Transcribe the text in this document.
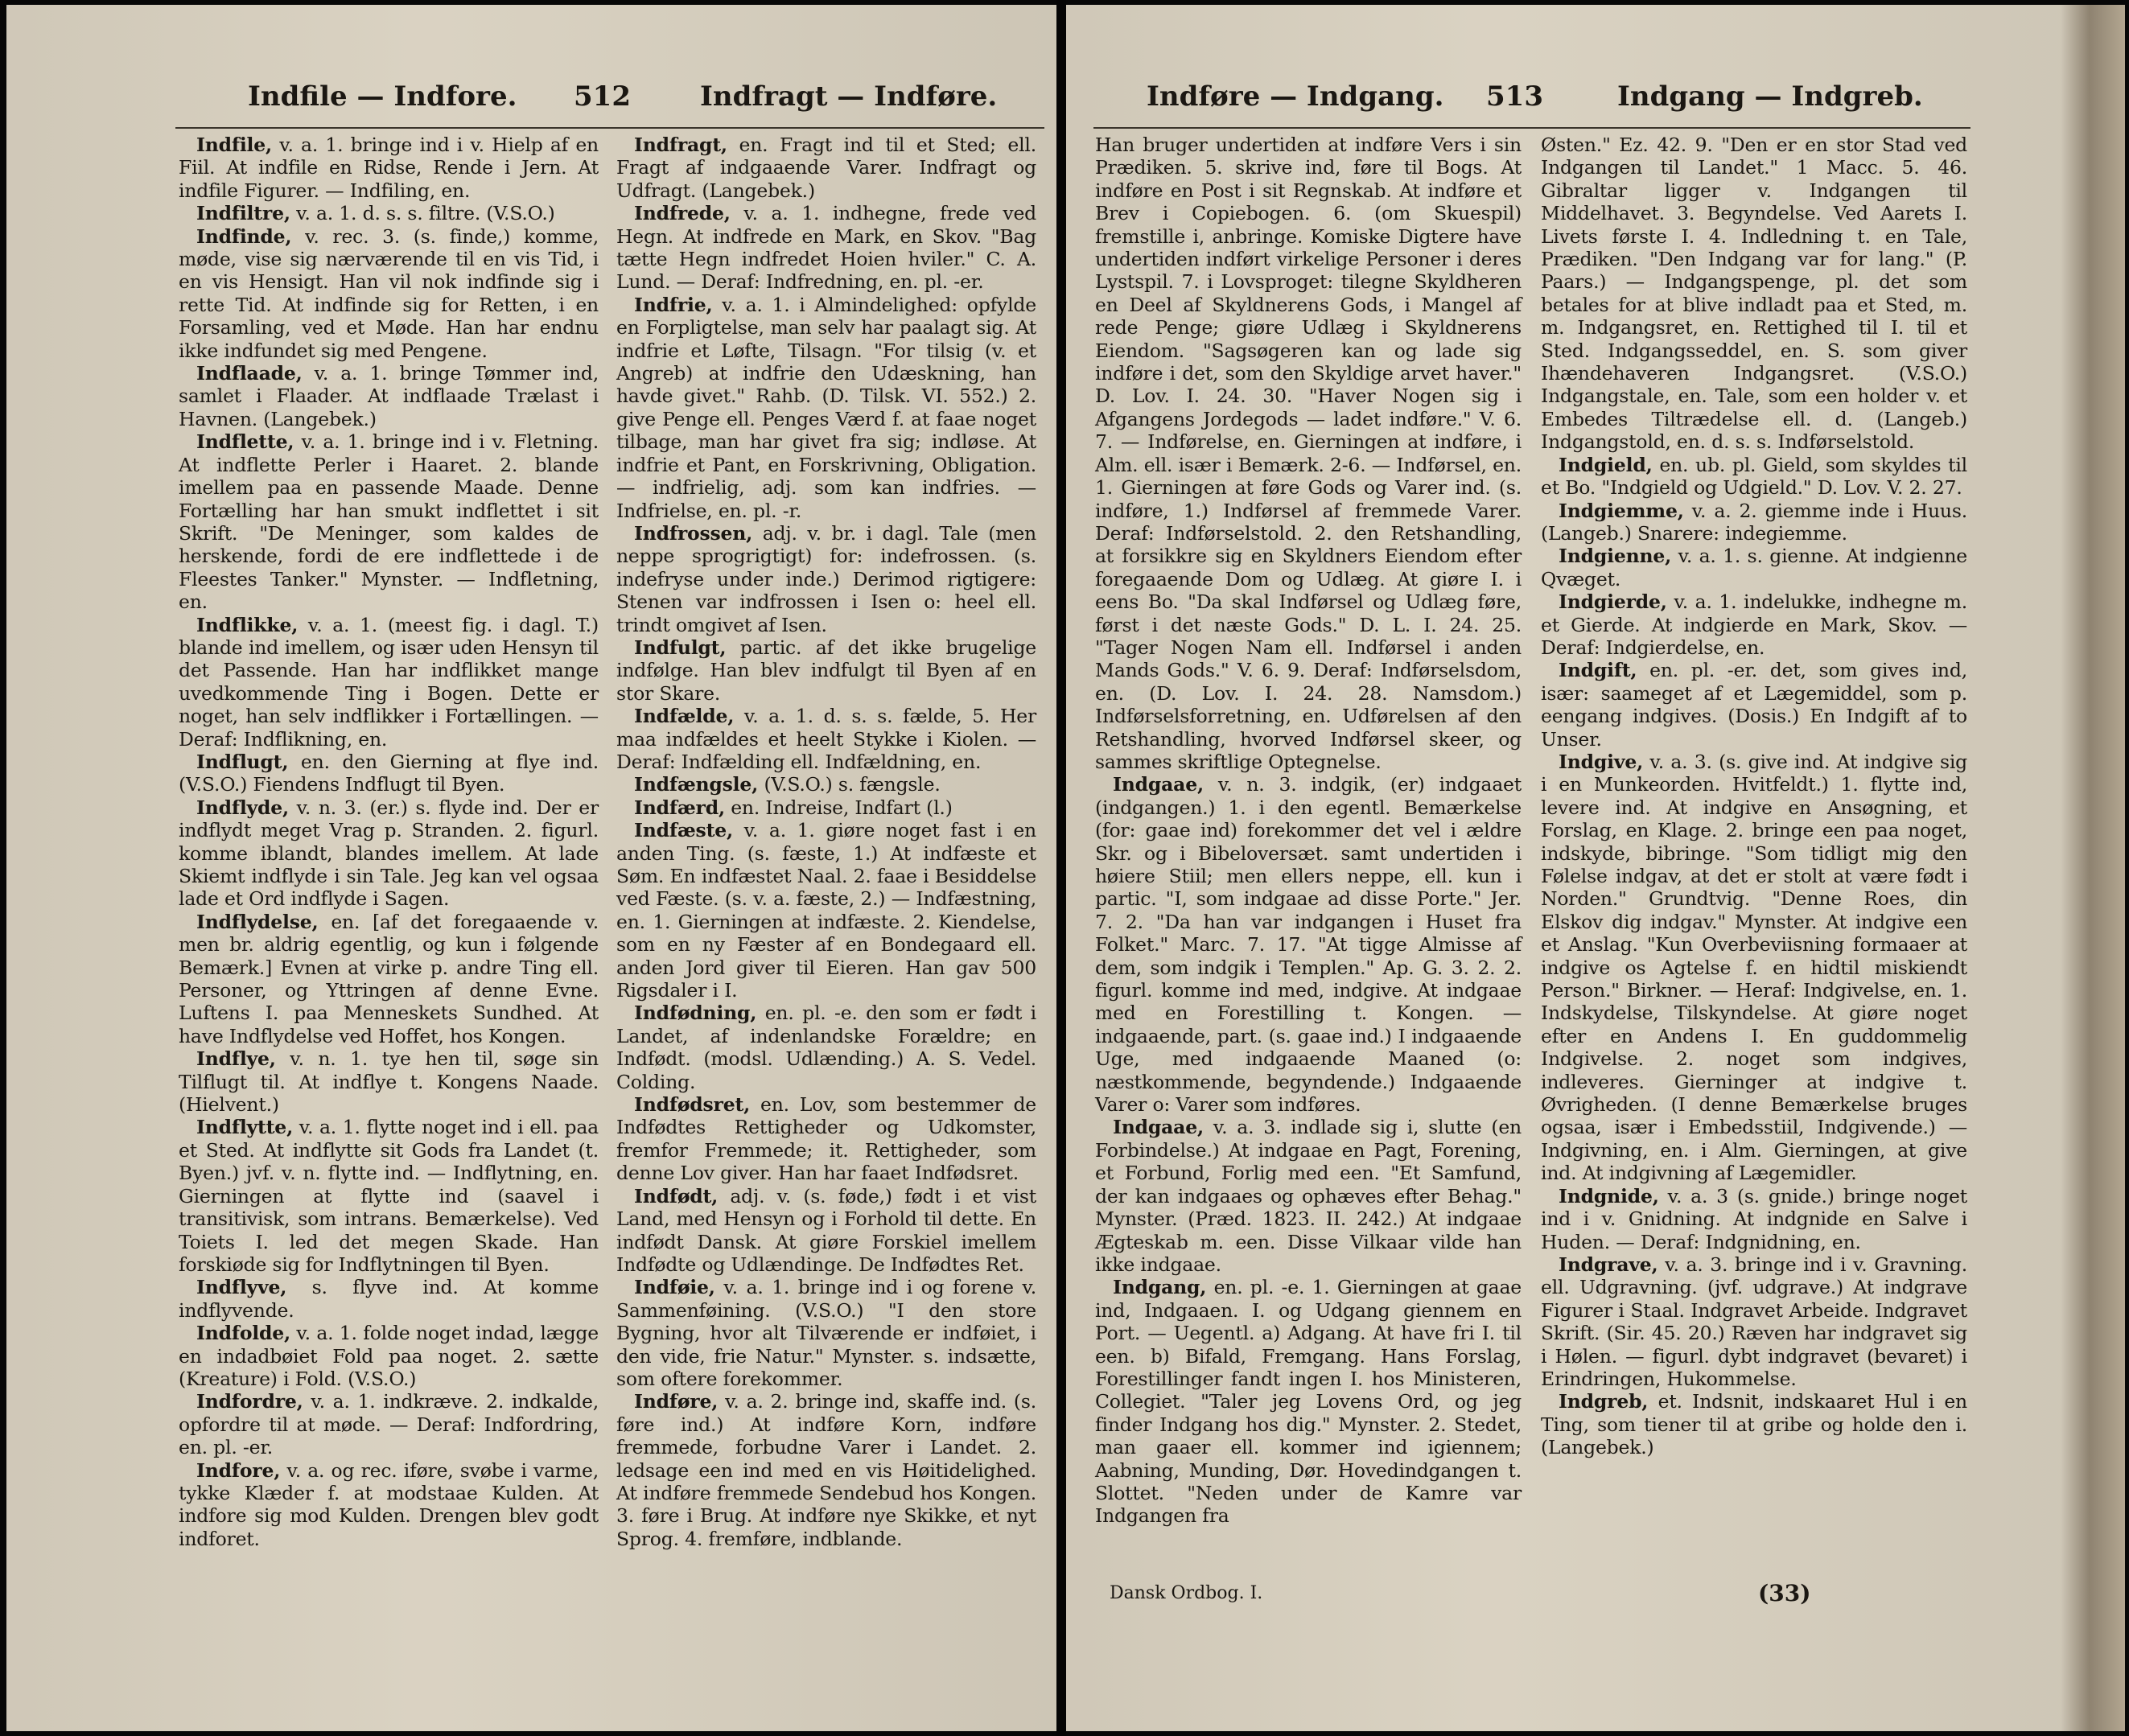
Indfile — Indfore. 512	Indfragt — Indføre.

Indfile, v. a. 1. bringe ind i v. Hielp af en Fiil. At indfile en Ridse, Rende i Jern. At indfile Figurer. — Indfiling, en.

Indfiltre, v. a. 1. d. s. s. filtre. (V.S.O.)

Indfinde, v. rec. 3. (s. finde,) komme, møde, vise sig nærværende til en vis Tid, i en vis Hensigt. Han vil nok indfinde sig i rette Tid. At indfinde sig for Retten, i en Forsamling, ved et Møde. Han har endnu ikke indfundet sig med Pengene.

Indflaade, v. a. 1. bringe Tømmer ind, samlet i Flaader. At indflaade Trælast i Havnen. (Langebek.)

Indflette, v. a. 1. bringe ind i v. Fletning. At indflette Perler i Haaret. 2. blande imellem paa en passende Maade. Denne Fortælling har han smukt indflettet i sit Skrift. "De Meninger, som kaldes de herskende, fordi de ere indflettede i de Fleestes Tanker." Mynster. — Indfletning, en.

Indflikke, v. a. 1. (meest fig. i dagl. T.) blande ind imellem, og især uden Hensyn til det Passende. Han har indflikket mange uvedkommende Ting i Bogen. Dette er noget, han selv indflikker i Fortællingen. — Deraf: Indflikning, en.

Indflugt, en. den Gierning at flye ind. (V.S.O.) Fiendens Indflugt til Byen.

Indflyde, v. n. 3. (er.) s. flyde ind. Der er indflydt meget Vrag p. Stranden. 2. figurl. komme iblandt, blandes imellem. At lade Skiemt indflyde i sin Tale. Jeg kan vel ogsaa lade et Ord indflyde i Sagen.

Indflydelse, en. [af det foregaaende v. men br. aldrig egentlig, og kun i følgende Bemærk.] Evnen at virke p. andre Ting ell. Personer, og Yttringen af denne Evne. Luftens I. paa Menneskets Sundhed. At have Indflydelse ved Hoffet, hos Kongen.

Indflye, v. n. 1. tye hen til, søge sin Tilflugt til. At indflye t. Kongens Naade. (Hielvent.)

Indflytte, v. a. 1. flytte noget ind i ell. paa et Sted. At indflytte sit Gods fra Landet (t. Byen.) jvf. v. n. flytte ind. — Indflytning, en. Gierningen at flytte ind (saavel i transitivisk, som intrans. Bemærkelse). Ved Toiets I. led det megen Skade. Han forskiøde sig for Indflytningen til Byen.

Indflyve, s. flyve ind. At komme indflyvende.

Indfolde, v. a. 1. folde noget indad, lægge en indadbøiet Fold paa noget. 2. sætte (Kreature) i Fold. (V.S.O.)

Indfordre, v. a. 1. indkræve. 2. indkalde, opfordre til at møde. — Deraf: Indfordring, en. pl. -er.

Indfore, v. a. og rec. iføre, svøbe i varme, tykke Klæder f. at modstaae Kulden. At indfore sig mod Kulden. Drengen blev godt indforet.

Indfragt, en. Fragt ind til et Sted; ell. Fragt af indgaaende Varer. Indfragt og Udfragt. (Langebek.)

Indfrede, v. a. 1. indhegne, frede ved Hegn. At indfrede en Mark, en Skov. "Bag tætte Hegn indfredet Hoien hviler." C. A. Lund. — Deraf: Indfredning, en. pl. -er.

Indfrie, v. a. 1. i Almindelighed: opfylde en Forpligtelse, man selv har paalagt sig. At indfrie et Løfte, Tilsagn. "For tilsig (v. et Angreb) at indfrie den Udæskning, han havde givet." Rahb. (D. Tilsk. VI. 552.) 2. give Penge ell. Penges Værd f. at faae noget tilbage, man har givet fra sig; indløse. At indfrie et Pant, en Forskrivning, Obligation. — indfrielig, adj. som kan indfries. — Indfrielse, en. pl. -r.

Indfrossen, adj. v. br. i dagl. Tale (men neppe sprogrigtigt) for: indefrossen. (s. indefryse under inde.) Derimod rigtigere: Stenen var indfrossen i Isen o: heel ell. trindt omgivet af Isen.

Indfulgt, partic. af det ikke brugelige indfølge. Han blev indfulgt til Byen af en stor Skare.

Indfælde, v. a. 1. d. s. s. fælde, 5. Her maa indfældes et heelt Stykke i Kiolen. — Deraf: Indfælding ell. Indfældning, en.

Indfængsle, (V.S.O.) s. fængsle.

Indfærd, en. Indreise, Indfart (l.)

Indfæste, v. a. 1. giøre noget fast i en anden Ting. (s. fæste, 1.) At indfæste et Søm. En indfæstet Naal. 2. faae i Besiddelse ved Fæste. (s. v. a. fæste, 2.) — Indfæstning, en. 1. Gierningen at indfæste. 2. Kiendelse, som en ny Fæster af en Bondegaard ell. anden Jord giver til Eieren. Han gav 500 Rigsdaler i I.

Indfødning, en. pl. -e. den som er født i Landet, af indenlandske Forældre; en Indfødt. (modsl. Udlænding.) A. S. Vedel. Colding.

Indfødsret, en. Lov, som bestemmer de Indfødtes Rettigheder og Udkomster, fremfor Fremmede; it. Rettigheder, som denne Lov giver. Han har faaet Indfødsret.

Indfødt, adj. v. (s. føde,) født i et vist Land, med Hensyn og i Forhold til dette. En indfødt Dansk. At giøre Forskiel imellem Indfødte og Udlændinge. De Indfødtes Ret.

Indføie, v. a. 1. bringe ind i og forene v. Sammenføining. (V.S.O.) "I den store Bygning, hvor alt Tilværende er indføiet, i den vide, frie Natur." Mynster. s. indsætte, som oftere forekommer.

Indføre, v. a. 2. bringe ind, skaffe ind. (s. føre ind.) At indføre Korn, indføre fremmede, forbudne Varer i Landet. 2. ledsage een ind med en vis Høitidelighed. At indføre fremmede Sendebud hos Kongen. 3. føre i Brug. At indføre nye Skikke, et nyt Sprog. 4. fremføre, indblande.

Indføre — Indgang. 513	Indgang — Indgreb.

Han bruger undertiden at indføre Vers i sin Prædiken. 5. skrive ind, føre til Bogs. At indføre en Post i sit Regnskab. At indføre et Brev i Copiebogen. 6. (om Skuespil) fremstille i, anbringe. Komiske Digtere have undertiden indført virkelige Personer i deres Lystspil. 7. i Lovsproget: tilegne Skyldheren en Deel af Skyldnerens Gods, i Mangel af rede Penge; giøre Udlæg i Skyldnerens Eiendom. "Sagsøgeren kan og lade sig indføre i det, som den Skyldige arvet haver." D. Lov. I. 24. 30. "Haver Nogen sig i Afgangens Jordegods — ladet indføre." V. 6. 7. — Indførelse, en. Gierningen at indføre, i Alm. ell. især i Bemærk. 2-6. — Indførsel, en. 1. Gierningen at føre Gods og Varer ind. (s. indføre, 1.) Indførsel af fremmede Varer. Deraf: Indførselstold. 2. den Retshandling, at forsikkre sig en Skyldners Eiendom efter foregaaende Dom og Udlæg. At giøre I. i eens Bo. "Da skal Indførsel og Udlæg føre, først i det næste Gods." D. L. I. 24. 25. "Tager Nogen Nam ell. Indførsel i anden Mands Gods." V. 6. 9. Deraf: Indførselsdom, en. (D. Lov. I. 24. 28. Namsdom.) Indførselsforretning, en. Udførelsen af den Retshandling, hvorved Indførsel skeer, og sammes skriftlige Optegnelse.

Indgaae, v. n. 3. indgik, (er) indgaaet (indgangen.) 1. i den egentl. Bemærkelse (for: gaae ind) forekommer det vel i ældre Skr. og i Bibeloversæt. samt undertiden i høiere Stiil; men ellers neppe, ell. kun i partic. "I, som indgaae ad disse Porte." Jer. 7. 2. "Da han var indgangen i Huset fra Folket." Marc. 7. 17. "At tigge Almisse af dem, som indgik i Templen." Ap. G. 3. 2. 2. figurl. komme ind med, indgive. At indgaae med en Forestilling t. Kongen. — indgaaende, part. (s. gaae ind.) I indgaaende Uge, med indgaaende Maaned (o: næstkommende, begyndende.) Indgaaende Varer o: Varer som indføres.

Indgaae, v. a. 3. indlade sig i, slutte (en Forbindelse.) At indgaae en Pagt, Forening, et Forbund, Forlig med een. "Et Samfund, der kan indgaaes og ophæves efter Behag." Mynster. (Præd. 1823. II. 242.) At indgaae Ægteskab m. een. Disse Vilkaar vilde han ikke indgaae.

Indgang, en. pl. -e. 1. Gierningen at gaae ind, Indgaaen. I. og Udgang giennem en Port. — Uegentl. a) Adgang. At have fri I. til een. b) Bifald, Fremgang. Hans Forslag, Forestillinger fandt ingen I. hos Ministeren, Collegiet. "Taler jeg Lovens Ord, og jeg finder Indgang hos dig." Mynster. 2. Stedet, man gaaer ell. kommer ind igiennem; Aabning, Munding, Dør. Hovedindgangen t. Slottet. "Neden under de Kamre var Indgangen fra

Østen." Ez. 42. 9. "Den er en stor Stad ved Indgangen til Landet." 1 Macc. 5. 46. Gibraltar ligger v. Indgangen til Middelhavet. 3. Begyndelse. Ved Aarets I. Livets første I. 4. Indledning t. en Tale, Prædiken. "Den Indgang var for lang." (P. Paars.) — Indgangspenge, pl. det som betales for at blive indladt paa et Sted, m. m. Indgangsret, en. Rettighed til I. til et Sted. Indgangsseddel, en. S. som giver Ihændehaveren Indgangsret. (V.S.O.) Indgangstale, en. Tale, som een holder v. et Embedes Tiltrædelse ell. d. (Langeb.) Indgangstold, en. d. s. s. Indførselstold.

Indgield, en. ub. pl. Gield, som skyldes til et Bo. "Indgield og Udgield." D. Lov. V. 2. 27.

Indgiemme, v. a. 2. giemme inde i Huus. (Langeb.) Snarere: indegiemme.

Indgienne, v. a. 1. s. gienne. At indgienne Qvæget.

Indgierde, v. a. 1. indelukke, indhegne m. et Gierde. At indgierde en Mark, Skov. — Deraf: Indgierdelse, en.

Indgift, en. pl. -er. det, som gives ind, især: saameget af et Lægemiddel, som p. eengang indgives. (Dosis.) En Indgift af to Unser.

Indgive, v. a. 3. (s. give ind. At indgive sig i en Munkeorden. Hvitfeldt.) 1. flytte ind, levere ind. At indgive en Ansøgning, et Forslag, en Klage. 2. bringe een paa noget, indskyde, bibringe. "Som tidligt mig den Følelse indgav, at det er stolt at være født i Norden." Grundtvig. "Denne Roes, din Elskov dig indgav." Mynster. At indgive een et Anslag. "Kun Overbeviisning formaaer at indgive os Agtelse f. en hidtil miskiendt Person." Birkner. — Heraf: Indgivelse, en. 1. Indskydelse, Tilskyndelse. At giøre noget efter en Andens I. En guddommelig Indgivelse. 2. noget som indgives, indleveres. Gierninger at indgive t. Øvrigheden. (I denne Bemærkelse bruges ogsaa, især i Embedsstiil, Indgivende.) — Indgivning, en. i Alm. Gierningen, at give ind. At indgivning af Lægemidler.

Indgnide, v. a. 3 (s. gnide.) bringe noget ind i v. Gnidning. At indgnide en Salve i Huden. — Deraf: Indgnidning, en.

Indgrave, v. a. 3. bringe ind i v. Gravning. ell. Udgravning. (jvf. udgrave.) At indgrave Figurer i Staal. Indgravet Arbeide. Indgravet Skrift. (Sir. 45. 20.) Ræven har indgravet sig i Hølen. — figurl. dybt indgravet (bevaret) i Erindringen, Hukommelse.

Indgreb, et. Indsnit, indskaaret Hul i en Ting, som tiener til at gribe og holde den i. (Langebek.)

Dansk Ordbog. I.	(33)
